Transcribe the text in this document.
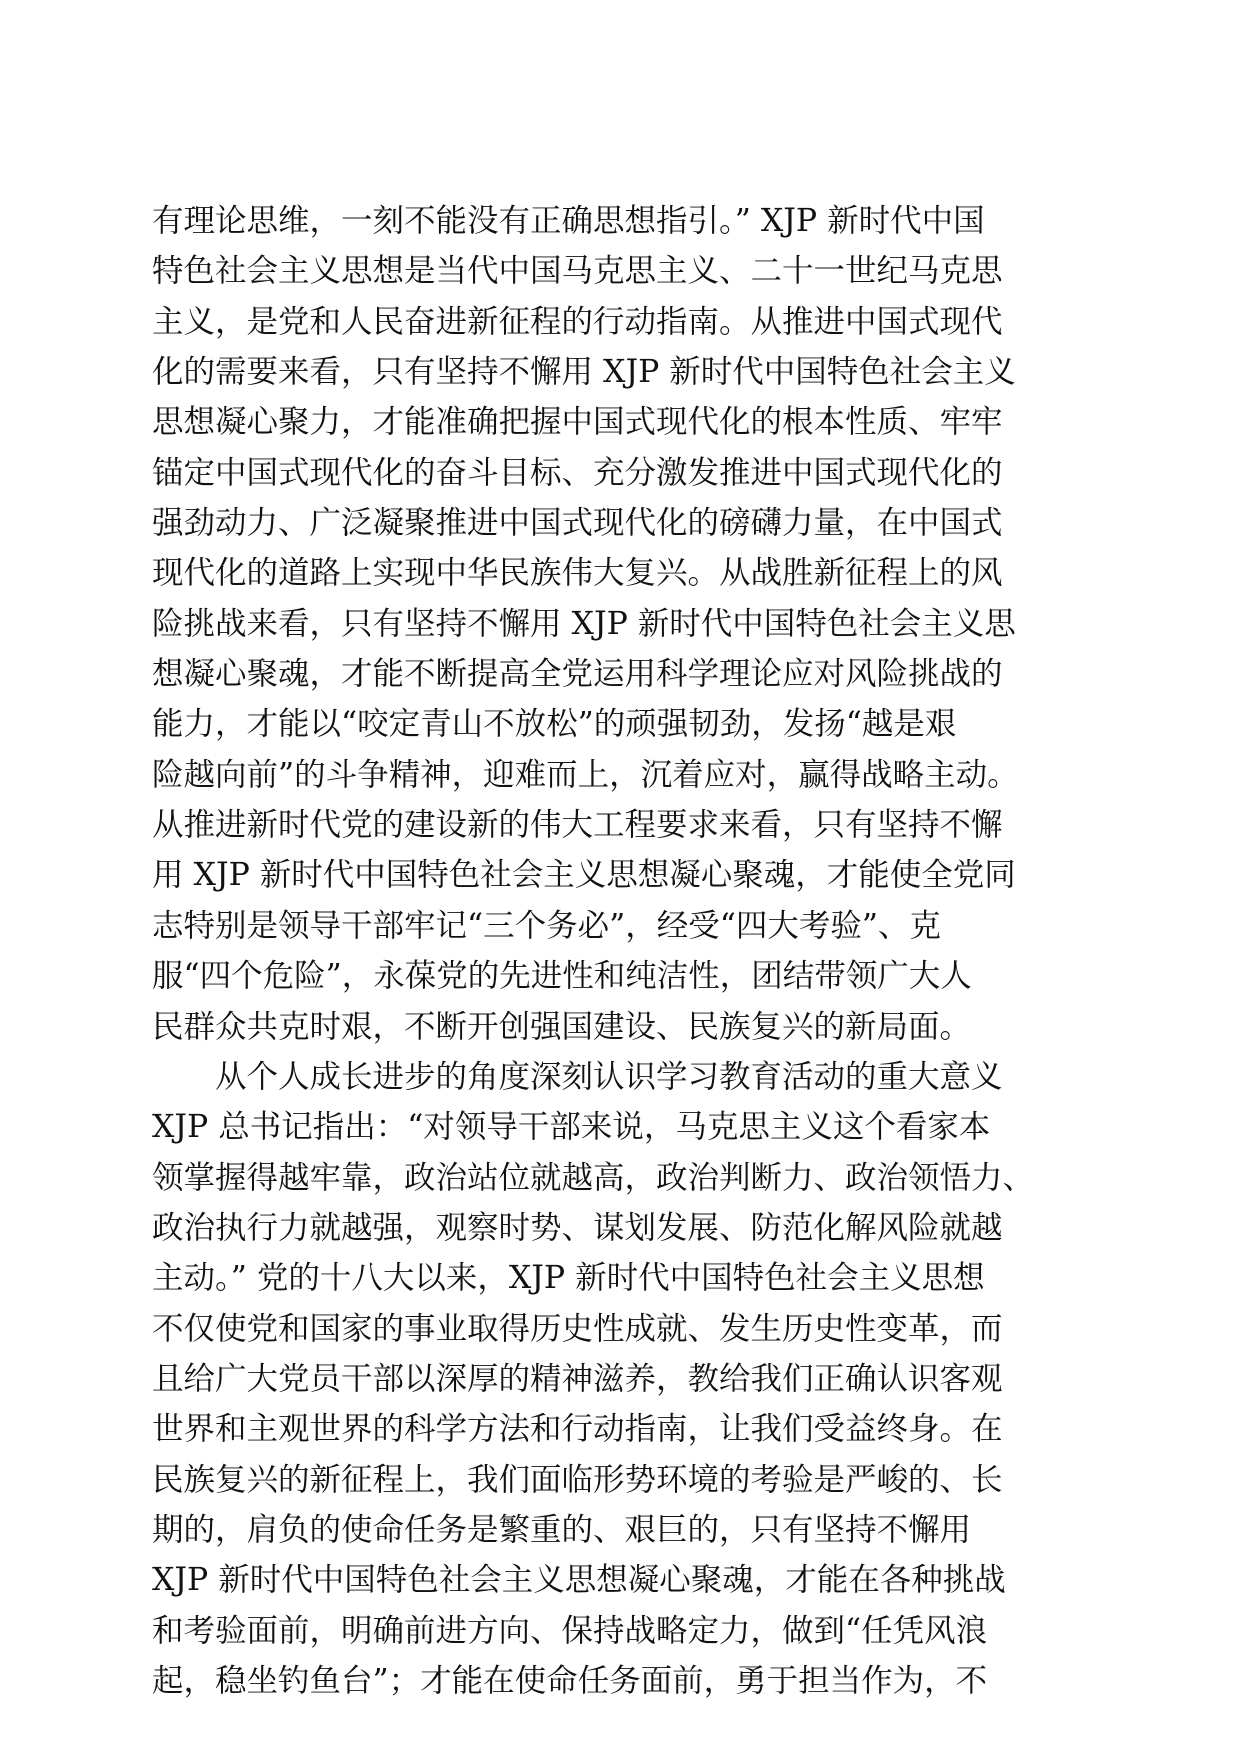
有理论思维，一刻不能没有正确思想指引。” XJP 新时代中国
特色社会主义思想是当代中国马克思主义、二十一世纪马克思
主义，是党和人民奋进新征程的行动指南。从推进中国式现代
化的需要来看，只有坚持不懈用 XJP 新时代中国特色社会主义
思想凝心聚力，才能准确把握中国式现代化的根本性质、牢牢
锚定中国式现代化的奋斗目标、充分激发推进中国式现代化的
强劲动力、广泛凝聚推进中国式现代化的磅礴力量，在中国式
现代化的道路上实现中华民族伟大复兴。从战胜新征程上的风
险挑战来看，只有坚持不懈用 XJP 新时代中国特色社会主义思
想凝心聚魂，才能不断提高全党运用科学理论应对风险挑战的
能力，才能以“咬定青山不放松”的顽强韧劲，发扬“越是艰
险越向前”的斗争精神，迎难而上，沉着应对，赢得战略主动。
从推进新时代党的建设新的伟大工程要求来看，只有坚持不懈
用 XJP 新时代中国特色社会主义思想凝心聚魂，才能使全党同
志特别是领导干部牢记“三个务必”，经受“四大考验”、克
服“四个危险”，永葆党的先进性和纯洁性，团结带领广大人
民群众共克时艰，不断开创强国建设、民族复兴的新局面。
　　从个人成长进步的角度深刻认识学习教育活动的重大意义
XJP 总书记指出：“对领导干部来说，马克思主义这个看家本
领掌握得越牢靠，政治站位就越高，政治判断力、政治领悟力、
政治执行力就越强，观察时势、谋划发展、防范化解风险就越
主动。” 党的十八大以来，XJP 新时代中国特色社会主义思想
不仅使党和国家的事业取得历史性成就、发生历史性变革，而
且给广大党员干部以深厚的精神滋养，教给我们正确认识客观
世界和主观世界的科学方法和行动指南，让我们受益终身。在
民族复兴的新征程上，我们面临形势环境的考验是严峻的、长
期的，肩负的使命任务是繁重的、艰巨的，只有坚持不懈用
XJP 新时代中国特色社会主义思想凝心聚魂，才能在各种挑战
和考验面前，明确前进方向、保持战略定力，做到“任凭风浪
起，稳坐钓鱼台”；才能在使命任务面前，勇于担当作为，不
